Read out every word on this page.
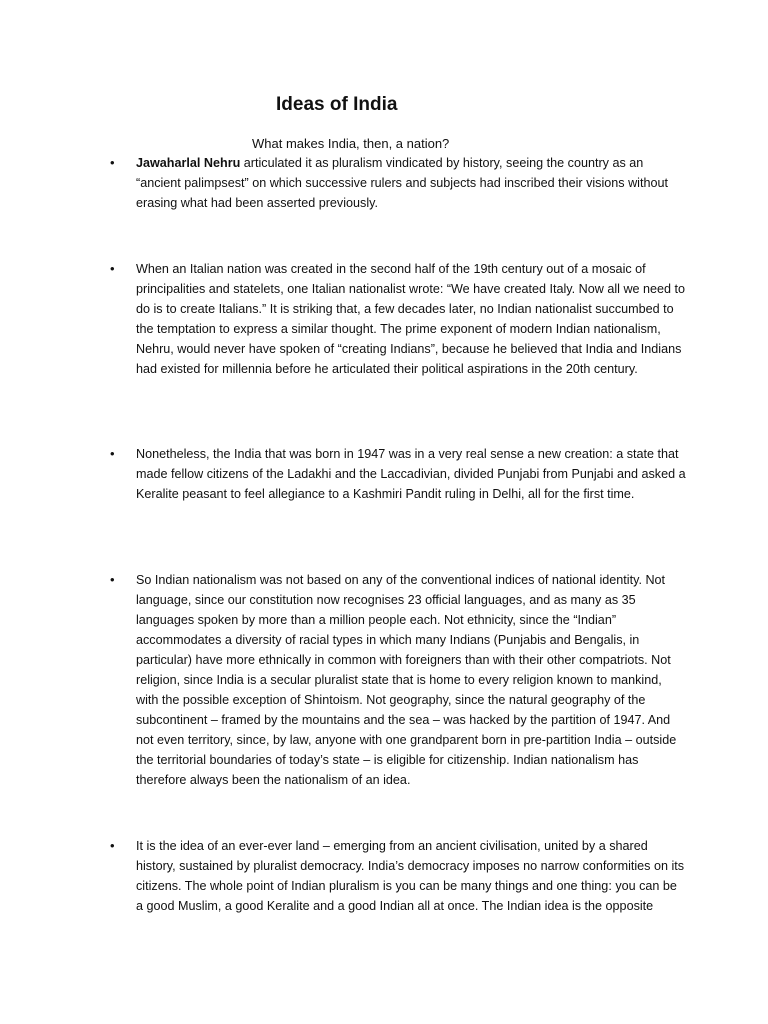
Ideas of India

What makes India, then, a nation?

• Jawaharlal Nehru articulated it as pluralism vindicated by history, seeing the country as an “ancient palimpsest” on which successive rulers and subjects had inscribed their visions without erasing what had been asserted previously.

• When an Italian nation was created in the second half of the 19th century out of a mosaic of principalities and statelets, one Italian nationalist wrote: “We have created Italy. Now all we need to do is to create Italians.” It is striking that, a few decades later, no Indian nationalist succumbed to the temptation to express a similar thought. The prime exponent of modern Indian nationalism, Nehru, would never have spoken of “creating Indians”, because he believed that India and Indians had existed for millennia before he articulated their political aspirations in the 20th century.

• Nonetheless, the India that was born in 1947 was in a very real sense a new creation: a state that made fellow citizens of the Ladakhi and the Laccadivian, divided Punjabi from Punjabi and asked a Keralite peasant to feel allegiance to a Kashmiri Pandit ruling in Delhi, all for the first time.

• So Indian nationalism was not based on any of the conventional indices of national identity. Not language, since our constitution now recognises 23 official languages, and as many as 35 languages spoken by more than a million people each. Not ethnicity, since the “Indian” accommodates a diversity of racial types in which many Indians (Punjabis and Bengalis, in particular) have more ethnically in common with foreigners than with their other compatriots. Not religion, since India is a secular pluralist state that is home to every religion known to mankind, with the possible exception of Shintoism. Not geography, since the natural geography of the subcontinent – framed by the mountains and the sea – was hacked by the partition of 1947. And not even territory, since, by law, anyone with one grandparent born in pre-partition India – outside the territorial boundaries of today’s state – is eligible for citizenship. Indian nationalism has therefore always been the nationalism of an idea.

• It is the idea of an ever-ever land – emerging from an ancient civilisation, united by a shared history, sustained by pluralist democracy. India’s democracy imposes no narrow conformities on its citizens. The whole point of Indian pluralism is you can be many things and one thing: you can be a good Muslim, a good Keralite and a good Indian all at once. The Indian idea is the opposite
